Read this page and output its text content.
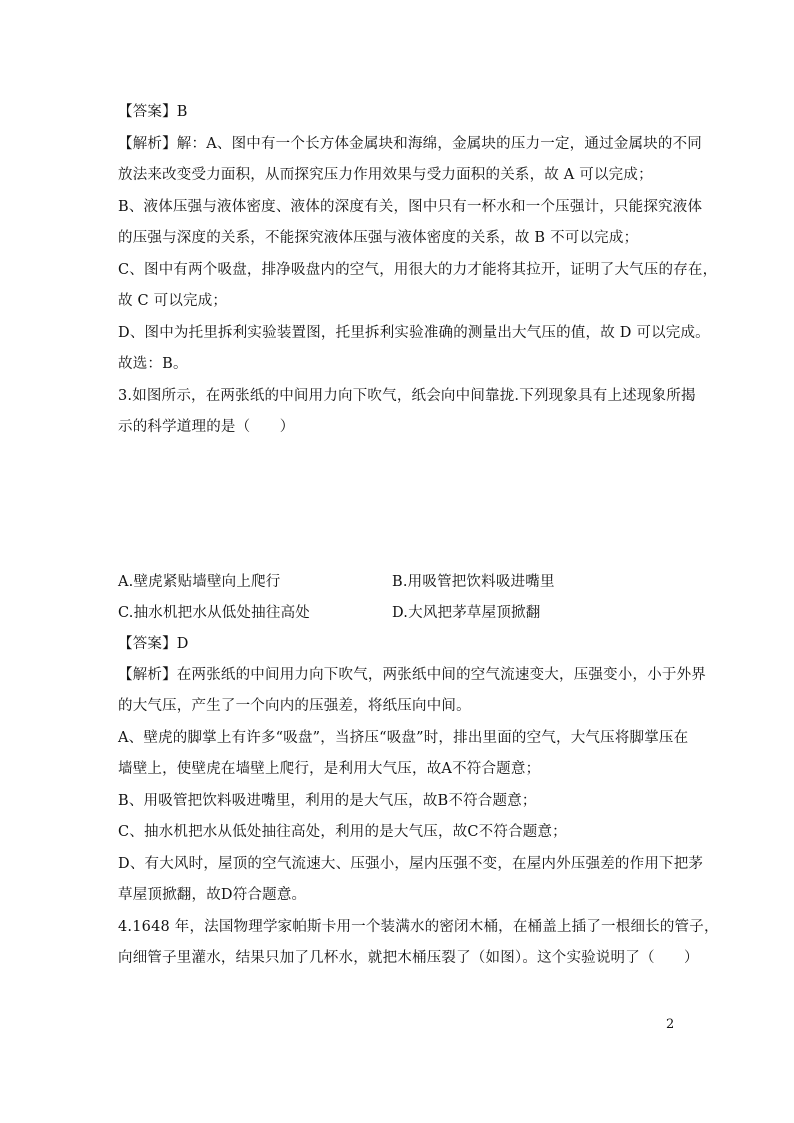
【答案】B
【解析】解：A、图中有一个长方体金属块和海绵，金属块的压力一定，通过金属块的不同
放法来改变受力面积，从而探究压力作用效果与受力面积的关系，故 A 可以完成；
B、液体压强与液体密度、液体的深度有关，图中只有一杯水和一个压强计，只能探究液体
的压强与深度的关系，不能探究液体压强与液体密度的关系，故 B 不可以完成；
C、图中有两个吸盘，排净吸盘内的空气，用很大的力才能将其拉开，证明了大气压的存在，
故 C 可以完成；
D、图中为托里拆利实验装置图，托里拆利实验准确的测量出大气压的值，故 D 可以完成。
故选：B。
3.如图所示，在两张纸的中间用力向下吹气，纸会向中间靠拢.下列现象具有上述现象所揭
示的科学道理的是（　　）
A.壁虎紧贴墙壁向上爬行	B.用吸管把饮料吸进嘴里
C.抽水机把水从低处抽往高处	D.大风把茅草屋顶掀翻
【答案】D
【解析】在两张纸的中间用力向下吹气，两张纸中间的空气流速变大，压强变小，小于外界
的大气压，产生了一个向内的压强差，将纸压向中间。
A、壁虎的脚掌上有许多“吸盘”，当挤压“吸盘”时，排出里面的空气，大气压将脚掌压在
墙壁上，使壁虎在墙壁上爬行，是利用大气压，故A不符合题意；
B、用吸管把饮料吸进嘴里，利用的是大气压，故B不符合题意；
C、抽水机把水从低处抽往高处，利用的是大气压，故C不符合题意；
D、有大风时，屋顶的空气流速大、压强小，屋内压强不变，在屋内外压强差的作用下把茅
草屋顶掀翻，故D符合题意。
4.1648 年，法国物理学家帕斯卡用一个装满水的密闭木桶，在桶盖上插了一根细长的管子，
向细管子里灌水，结果只加了几杯水，就把木桶压裂了（如图）。这个实验说明了（　　）
2
